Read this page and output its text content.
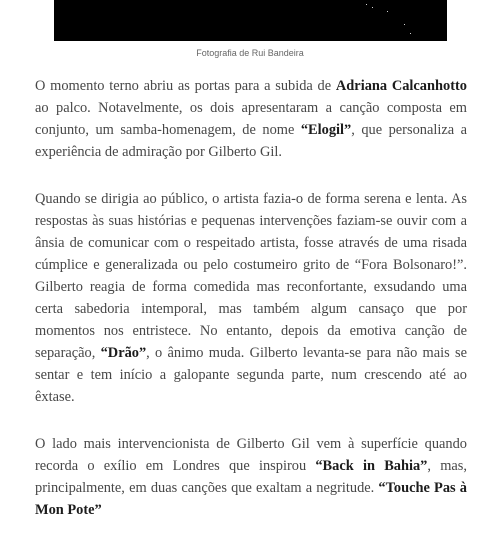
Fotografia de Rui Bandeira

O momento terno abriu as portas para a subida de Adriana Calcanhotto ao palco. Notavelmente, os dois apresentaram a canção composta em conjunto, um samba-homenagem, de nome “Elogil”, que personaliza a experiência de admiração por Gilberto Gil.

Quando se dirigia ao público, o artista fazia-o de forma serena e lenta. As respostas às suas histórias e pequenas intervenções faziam-se ouvir com a ânsia de comunicar com o respeitado artista, fosse através de uma risada cúmplice e generalizada ou pelo costumeiro grito de “Fora Bolsonaro!”. Gilberto reagia de forma comedida mas reconfortante, exsudando uma certa sabedoria intemporal, mas também algum cansaço que por momentos nos entristece. No entanto, depois da emotiva canção de separação, “Drão”, o ânimo muda. Gilberto levanta-se para não mais se sentar e tem início a galopante segunda parte, num crescendo até ao êxtase.

O lado mais intervencionista de Gilberto Gil vem à superfície quando recorda o exílio em Londres que inspirou “Back in Bahia”, mas, principalmente, em duas canções que exaltam a negritude. “Touche Pas à Mon Pote”
